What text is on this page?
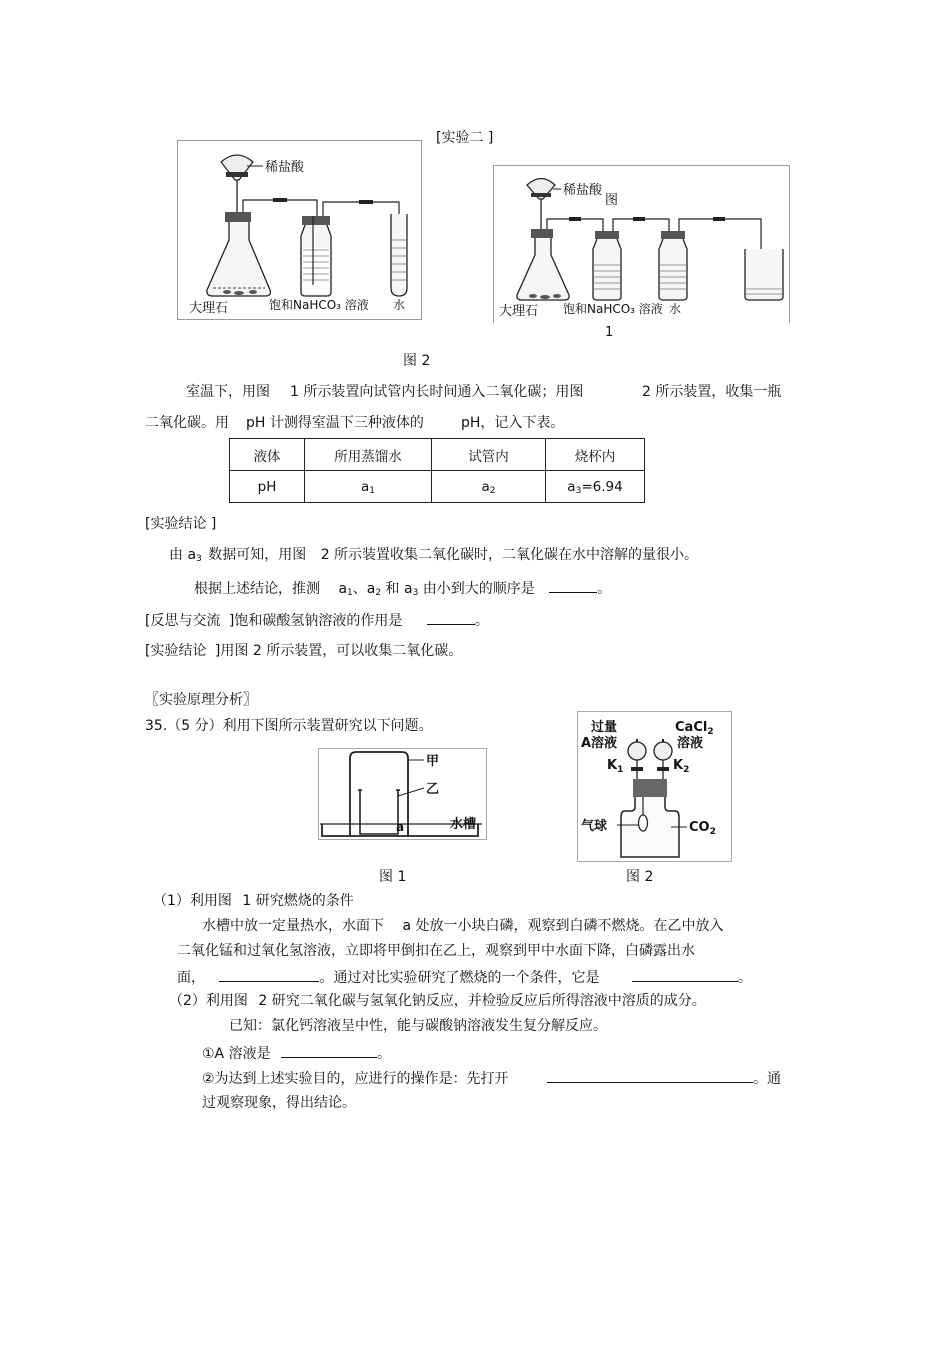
[实验二 ]
稀盐酸
大理石	饱和NaHCO₃ 溶液 水
稀盐酸
图
大理石 饱和NaHCO₃ 溶液 水
1
图 2
室温下，用图 1 所示装置向试管内长时间通入二氧化碳；用图	2 所示装置，收集一瓶
二氧化碳。用 pH 计测得室温下三种液体的	pH，记入下表。
液体	所用蒸馏水	试管内	烧杯内
pH	$a_1$	$a_2$	$a_3=6.94$
[实验结论 ]
由 $a_3$ 数据可知，用图 2 所示装置收集二氧化碳时，二氧化碳在水中溶解的量很小。
根据上述结论，推测 $a_1$、$a_2$ 和 $a_3$ 由小到大的顺序是	。
[反思与交流 ]饱和碳酸氢钠溶液的作用是	。
[实验结论 ]用图 2 所示装置，可以收集二氧化碳。
〖实验原理分析〗
35.（5 分）利用下图所示装置研究以下问题。
甲
乙
a	水槽
过量
A溶液
CaCl$_2$
溶液
$K_1$	$K_2$
气球	$CO_2$
图 1	图 2
（1）利用图 1 研究燃烧的条件
水槽中放一定量热水，水面下 a 处放一小块白磷，观察到白磷不燃烧。在乙中放入
二氧化锰和过氧化氢溶液，立即将甲倒扣在乙上，观察到甲中水面下降，白磷露出水
面，	。通过对比实验研究了燃烧的一个条件，它是	。
（2）利用图 2 研究二氧化碳与氢氧化钠反应，并检验反应后所得溶液中溶质的成分。
已知：氯化钙溶液呈中性，能与碳酸钠溶液发生复分解反应。
①A 溶液是	。
②为达到上述实验目的，应进行的操作是：先打开	。通
过观察现象，得出结论。
